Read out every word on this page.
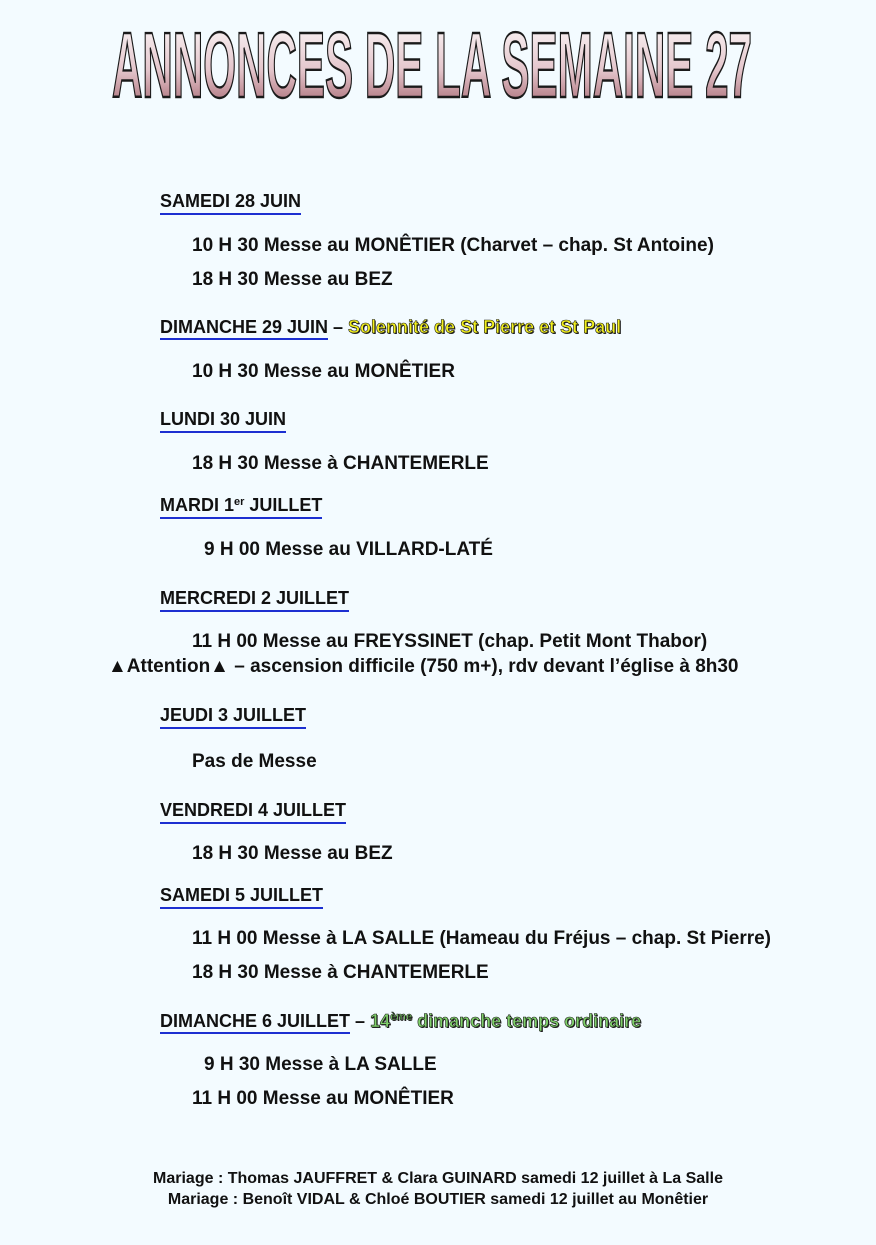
ANNONCES DE LA SEMAINE 27
SAMEDI 28 JUIN
10 H 30 Messe au MONÊTIER (Charvet – chap. St Antoine)
18 H 30 Messe au BEZ
DIMANCHE 29 JUIN – Solennité de St Pierre et St Paul
10 H 30 Messe au MONÊTIER
LUNDI 30 JUIN
18 H 30 Messe à CHANTEMERLE
MARDI 1er JUILLET
9 H 00 Messe au VILLARD-LATÉ
MERCREDI 2 JUILLET
11 H 00 Messe au FREYSSINET (chap. Petit Mont Thabor)
▲Attention▲ – ascension difficile (750 m+), rdv devant l’église à 8h30
JEUDI 3 JUILLET
Pas de Messe
VENDREDI 4 JUILLET
18 H 30 Messe au BEZ
SAMEDI 5 JUILLET
11 H 00 Messe à LA SALLE (Hameau du Fréjus – chap. St Pierre)
18 H 30 Messe à CHANTEMERLE
DIMANCHE 6 JUILLET – 14ème dimanche temps ordinaire
9 H 30 Messe à LA SALLE
11 H 00 Messe au MONÊTIER
Mariage : Thomas JAUFFRET & Clara GUINARD samedi 12 juillet à La Salle
Mariage : Benoît VIDAL & Chloé BOUTIER samedi 12 juillet au Monêtier
